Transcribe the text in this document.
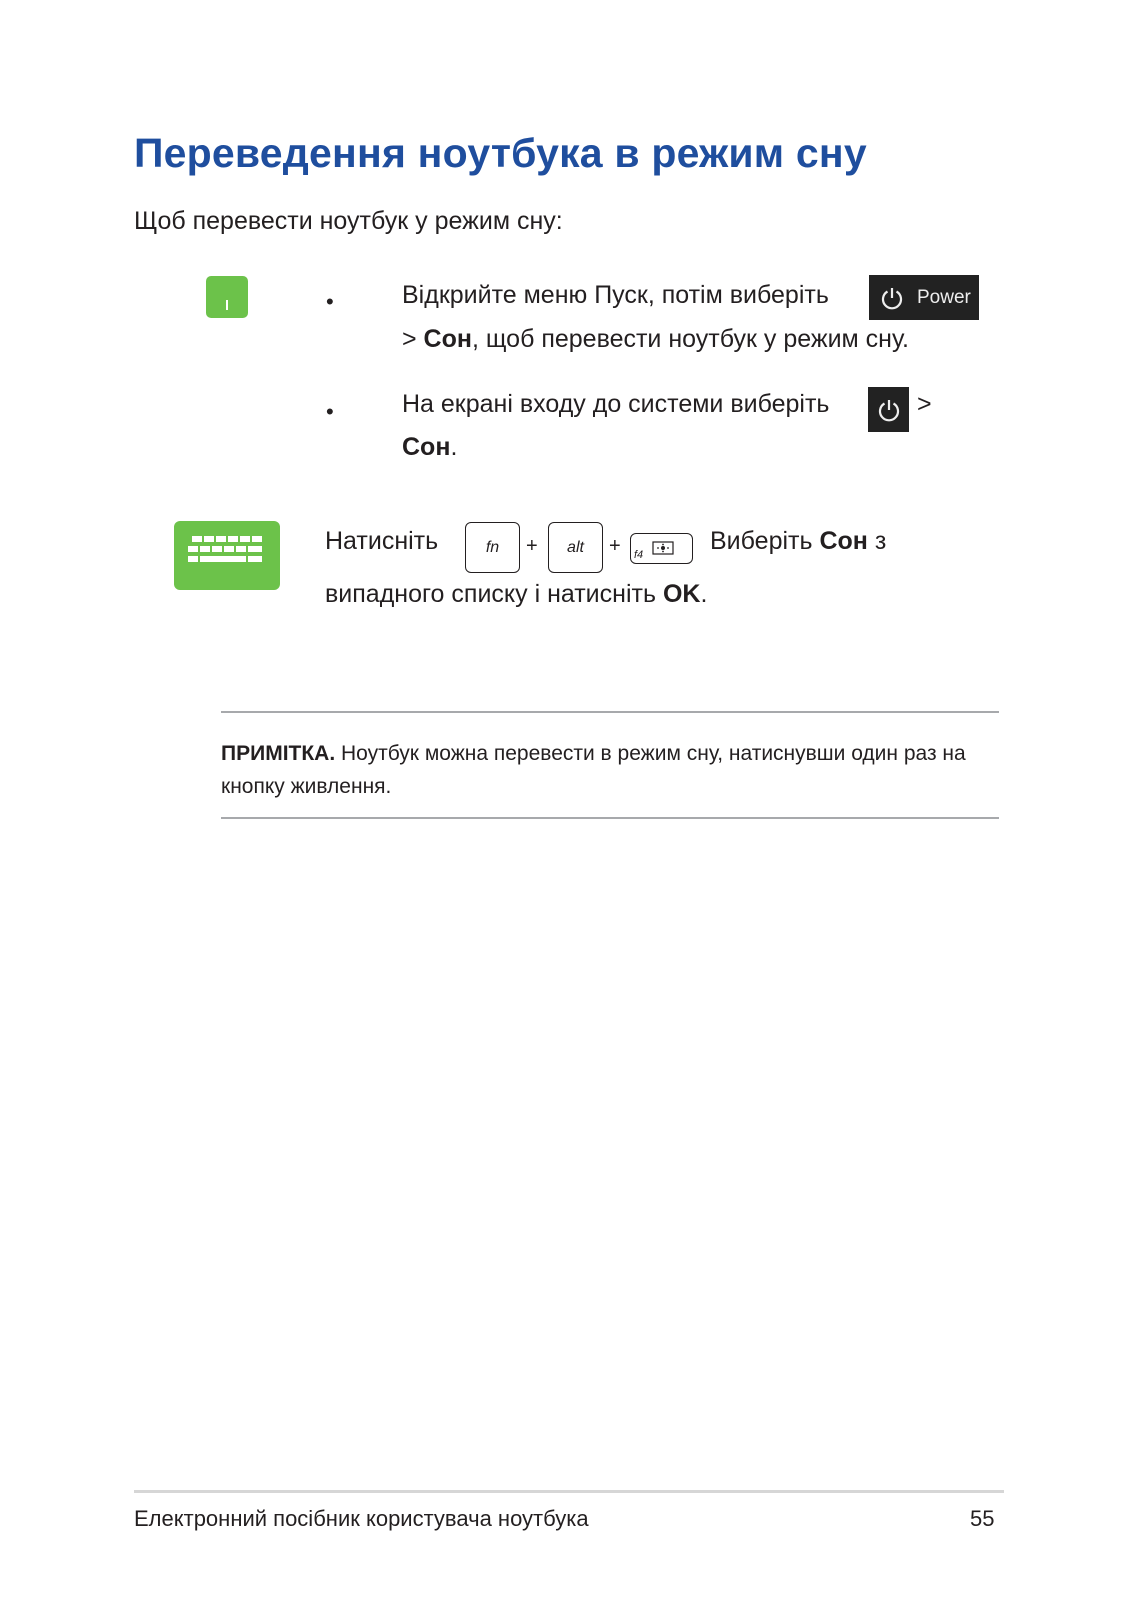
Переведення ноутбука в режим сну
Щоб перевести ноутбук у режим сну:
•	Відкрийте меню Пуск, потім виберіть	Power
> Сон, щоб перевести ноутбук у режим сну.
•	На екрані входу до системи виберіть	>
Сон.
Натисніть	fn	+	alt	+ f4	Виберіть Сон з
випадного списку і натисніть OK.
ПРИМІТКА. Ноутбук можна перевести в режим сну, натиснувши один раз на кнопку живлення.
Електронний посібник користувача ноутбука	55
